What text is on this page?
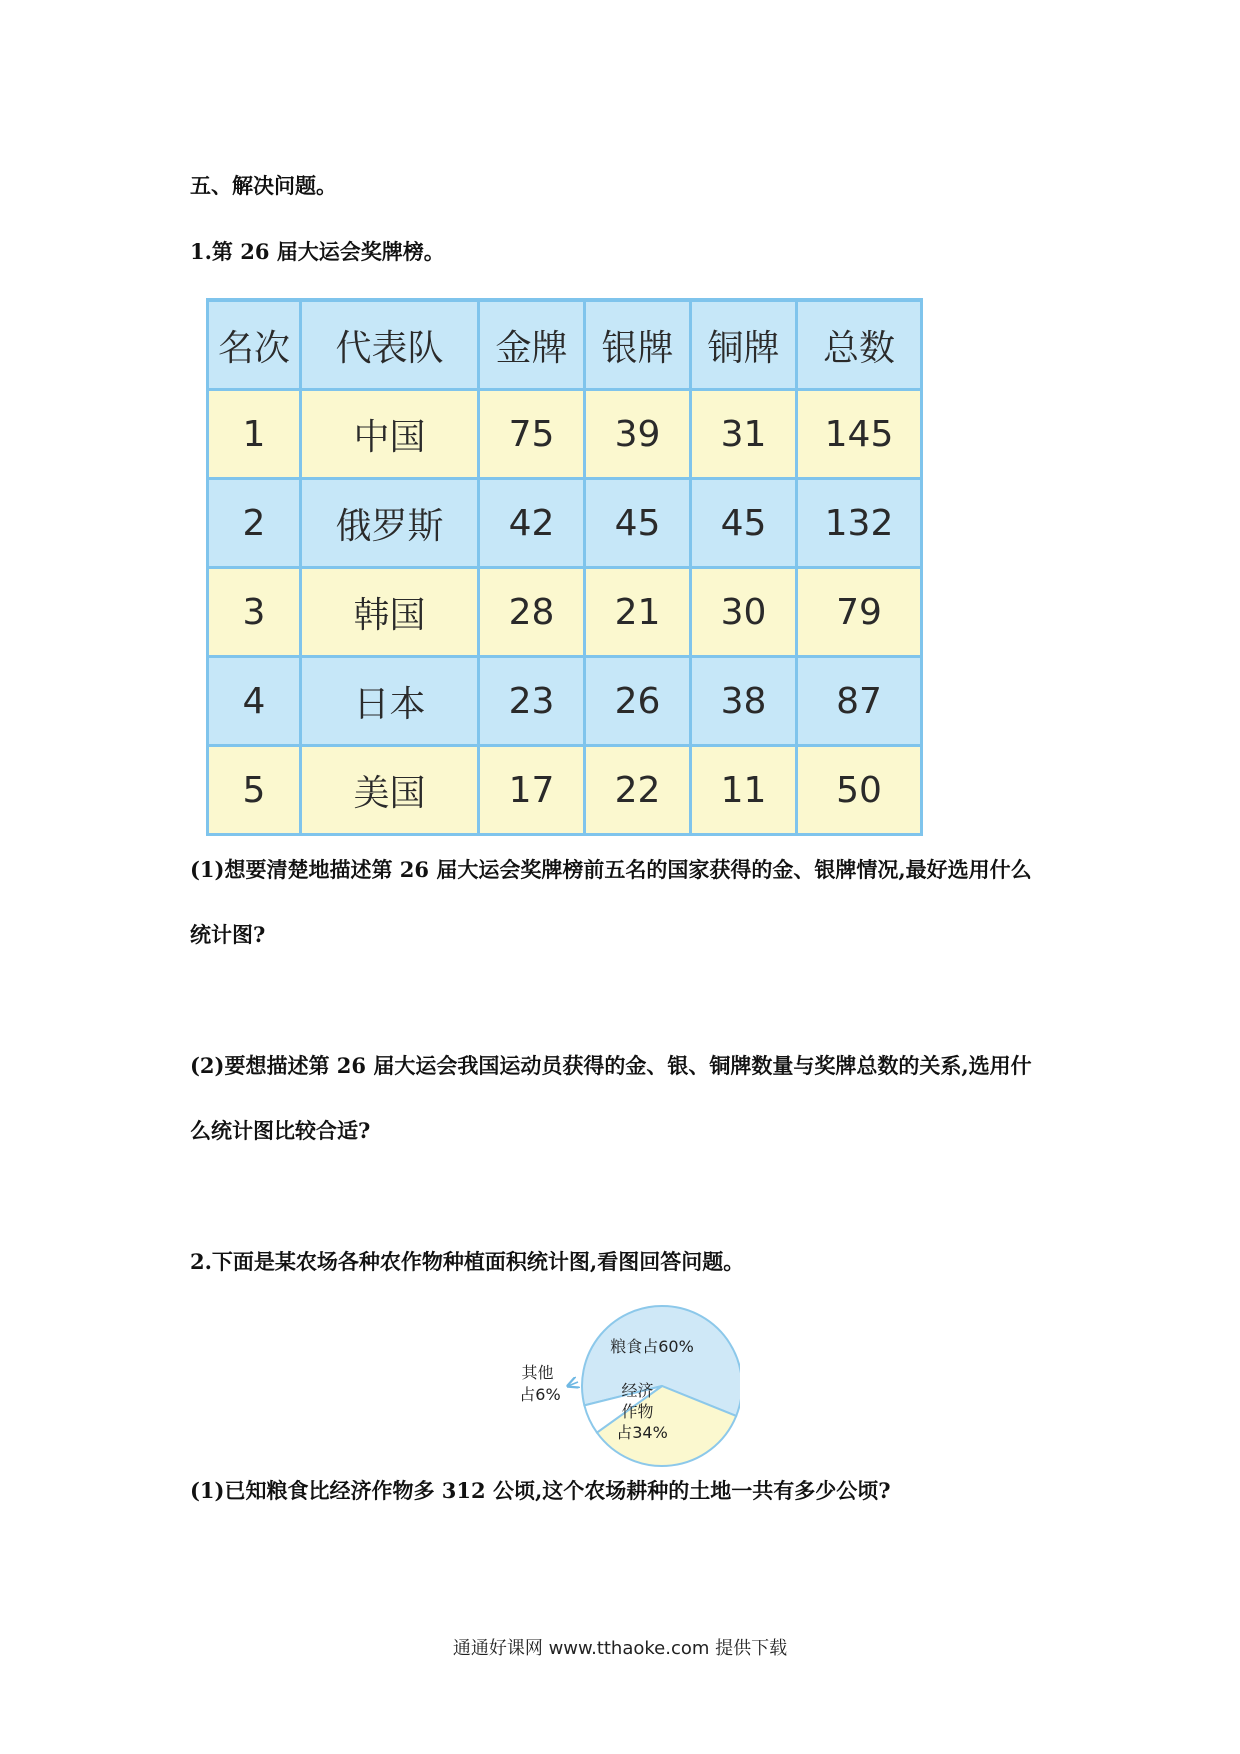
五、解决问题。
1.第 26 届大运会奖牌榜。
名次	代表队	金牌	银牌	铜牌	总数
1	中国	75	39	31	145
2	俄罗斯	42	45	45	132
3	韩国	28	21	30	79
4	日本	23	26	38	87
5	美国	17	22	11	50
(1)想要清楚地描述第 26 届大运会奖牌榜前五名的国家获得的金、银牌情况,最好选用什么
统计图?
(2)要想描述第 26 届大运会我国运动员获得的金、银、铜牌数量与奖牌总数的关系,选用什
么统计图比较合适?
2.下面是某农场各种农作物种植面积统计图,看图回答问题。
粮食占60%
经济 作物 占34%
其他 占6%
(1)已知粮食比经济作物多 312 公顷,这个农场耕种的土地一共有多少公顷?
通通好课网 www.tthaoke.com 提供下载
